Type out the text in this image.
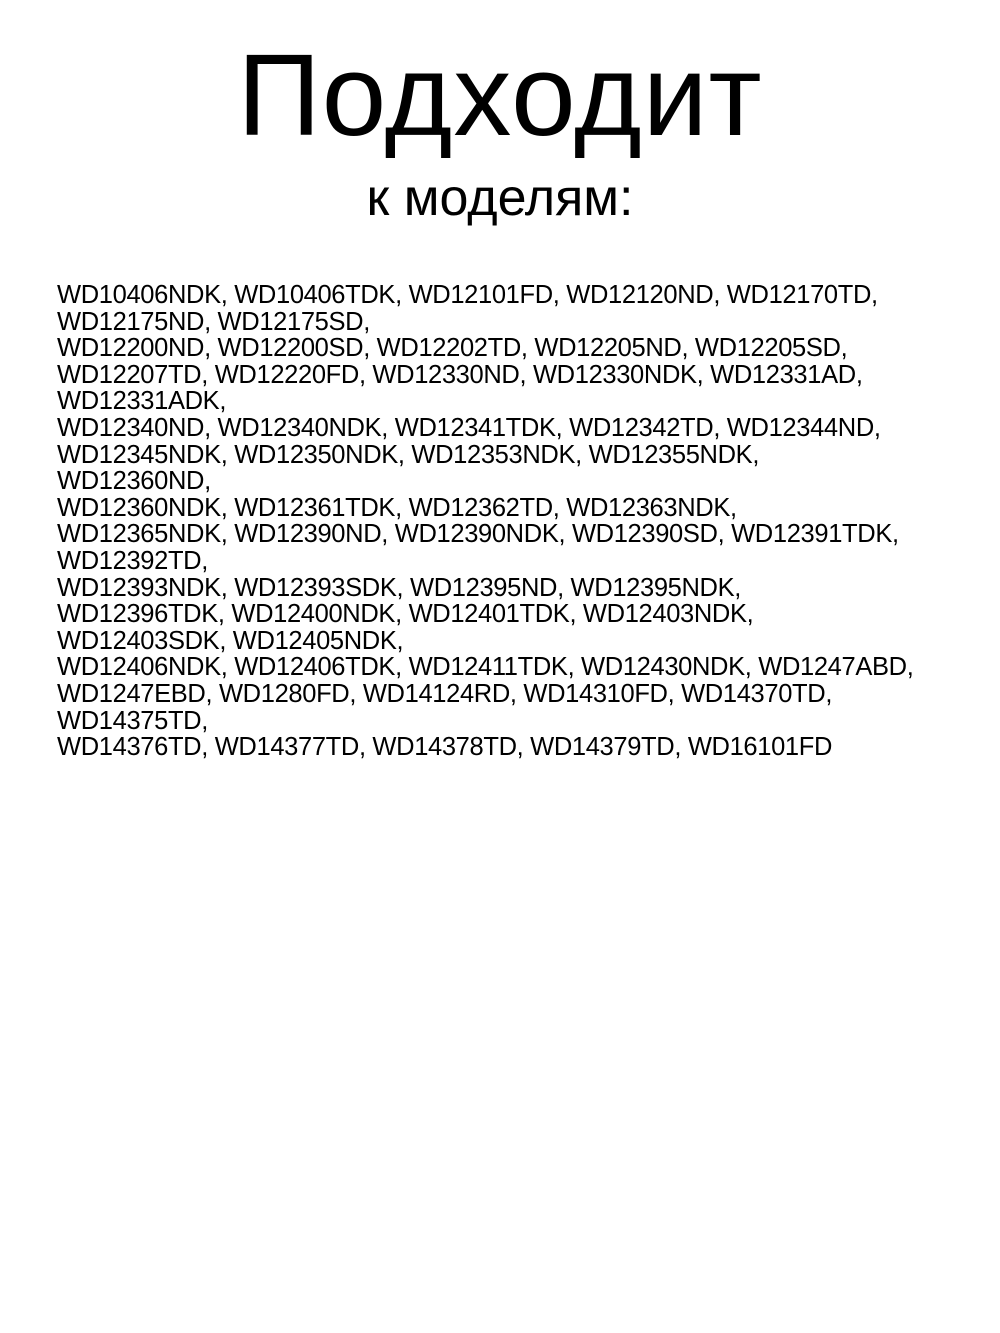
Подходит
к моделям:
WD10406NDK, WD10406TDK, WD12101FD, WD12120ND, WD12170TD,
WD12175ND, WD12175SD,
WD12200ND, WD12200SD, WD12202TD, WD12205ND, WD12205SD,
WD12207TD, WD12220FD, WD12330ND, WD12330NDK, WD12331AD,
WD12331ADK,
WD12340ND, WD12340NDK, WD12341TDK, WD12342TD, WD12344ND,
WD12345NDK, WD12350NDK, WD12353NDK, WD12355NDK,
WD12360ND,
WD12360NDK, WD12361TDK, WD12362TD, WD12363NDK,
WD12365NDK, WD12390ND, WD12390NDK, WD12390SD, WD12391TDK,
WD12392TD,
WD12393NDK, WD12393SDK, WD12395ND, WD12395NDK,
WD12396TDK, WD12400NDK, WD12401TDK, WD12403NDK,
WD12403SDK, WD12405NDK,
WD12406NDK, WD12406TDK, WD12411TDK, WD12430NDK, WD1247ABD,
WD1247EBD, WD1280FD, WD14124RD, WD14310FD, WD14370TD,
WD14375TD,
WD14376TD, WD14377TD, WD14378TD, WD14379TD, WD16101FD
